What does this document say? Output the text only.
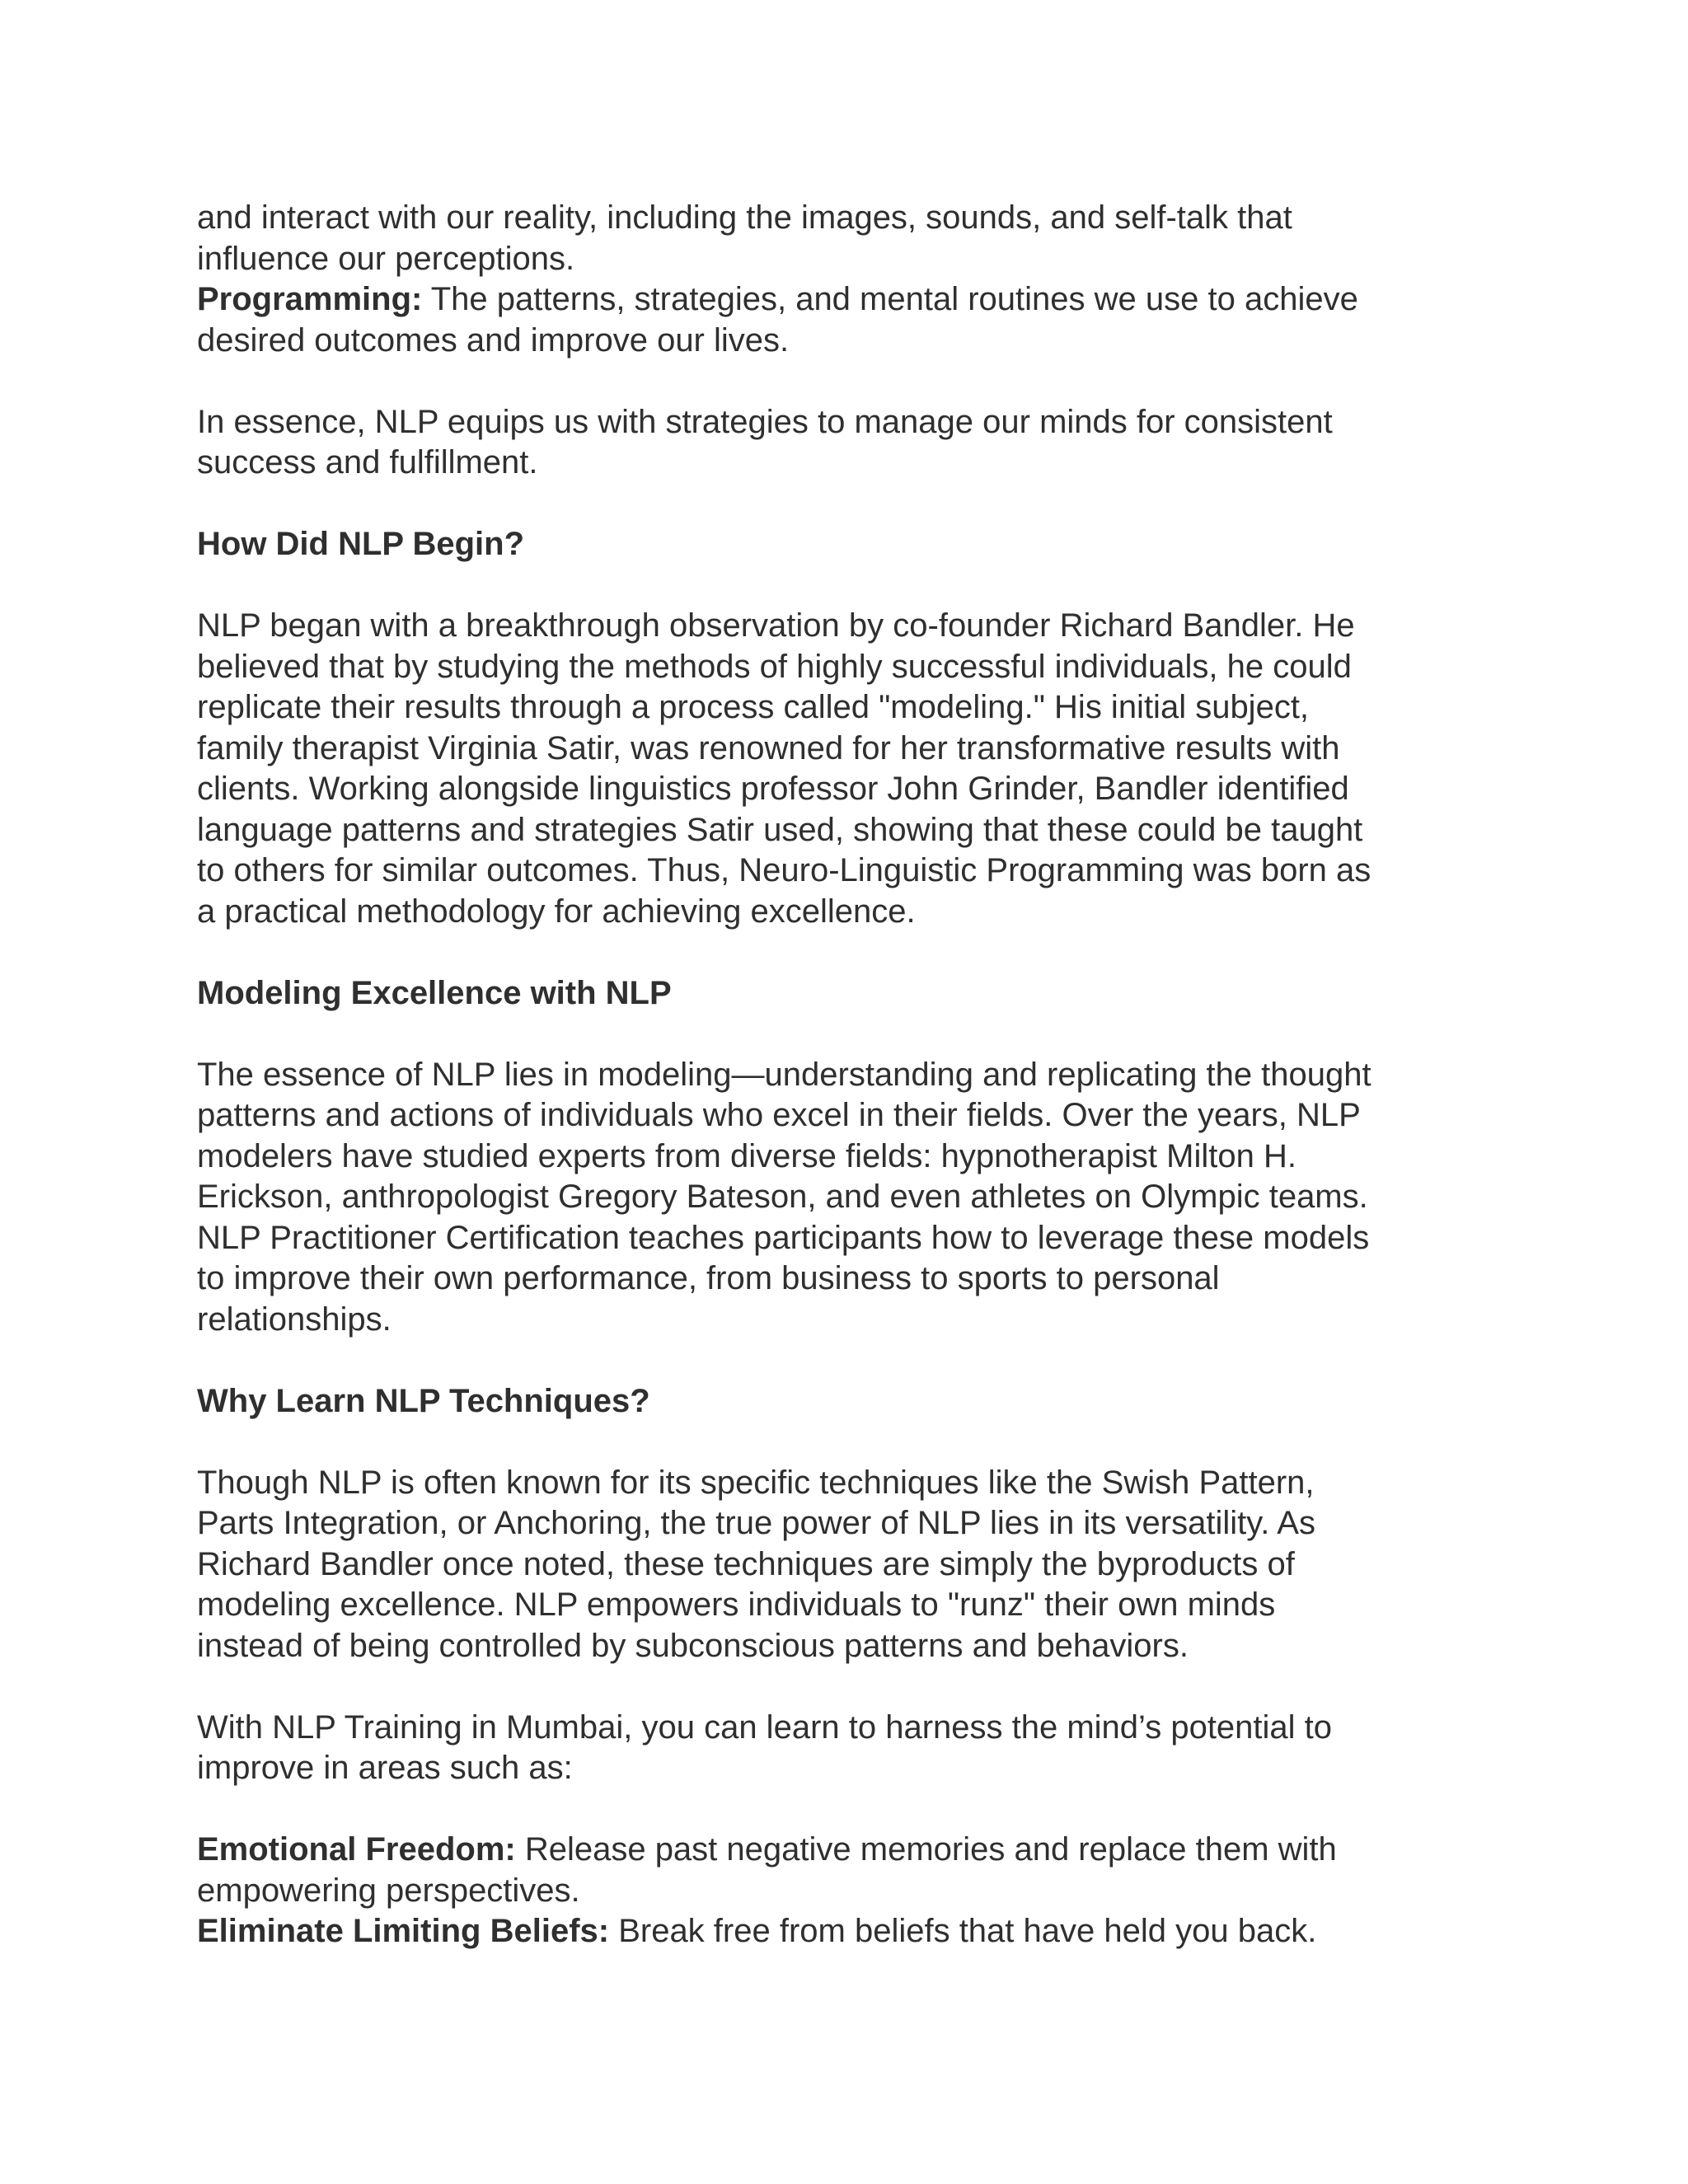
and interact with our reality, including the images, sounds, and self-talk that
influence our perceptions.

Programming: The patterns, strategies, and mental routines we use to achieve
desired outcomes and improve our lives.

In essence, NLP equips us with strategies to manage our minds for consistent
success and fulfillment.

How Did NLP Begin?

NLP began with a breakthrough observation by co-founder Richard Bandler. He
believed that by studying the methods of highly successful individuals, he could
replicate their results through a process called "modeling." His initial subject,
family therapist Virginia Satir, was renowned for her transformative results with
clients. Working alongside linguistics professor John Grinder, Bandler identified
language patterns and strategies Satir used, showing that these could be taught
to others for similar outcomes. Thus, Neuro-Linguistic Programming was born as
a practical methodology for achieving excellence.

Modeling Excellence with NLP

The essence of NLP lies in modeling—understanding and replicating the thought
patterns and actions of individuals who excel in their fields. Over the years, NLP
modelers have studied experts from diverse fields: hypnotherapist Milton H.
Erickson, anthropologist Gregory Bateson, and even athletes on Olympic teams.
NLP Practitioner Certification teaches participants how to leverage these models
to improve their own performance, from business to sports to personal
relationships.

Why Learn NLP Techniques?

Though NLP is often known for its specific techniques like the Swish Pattern,
Parts Integration, or Anchoring, the true power of NLP lies in its versatility. As
Richard Bandler once noted, these techniques are simply the byproducts of
modeling excellence. NLP empowers individuals to "runz" their own minds
instead of being controlled by subconscious patterns and behaviors.

With NLP Training in Mumbai, you can learn to harness the mind’s potential to
improve in areas such as:

Emotional Freedom: Release past negative memories and replace them with
empowering perspectives.

Eliminate Limiting Beliefs: Break free from beliefs that have held you back.
